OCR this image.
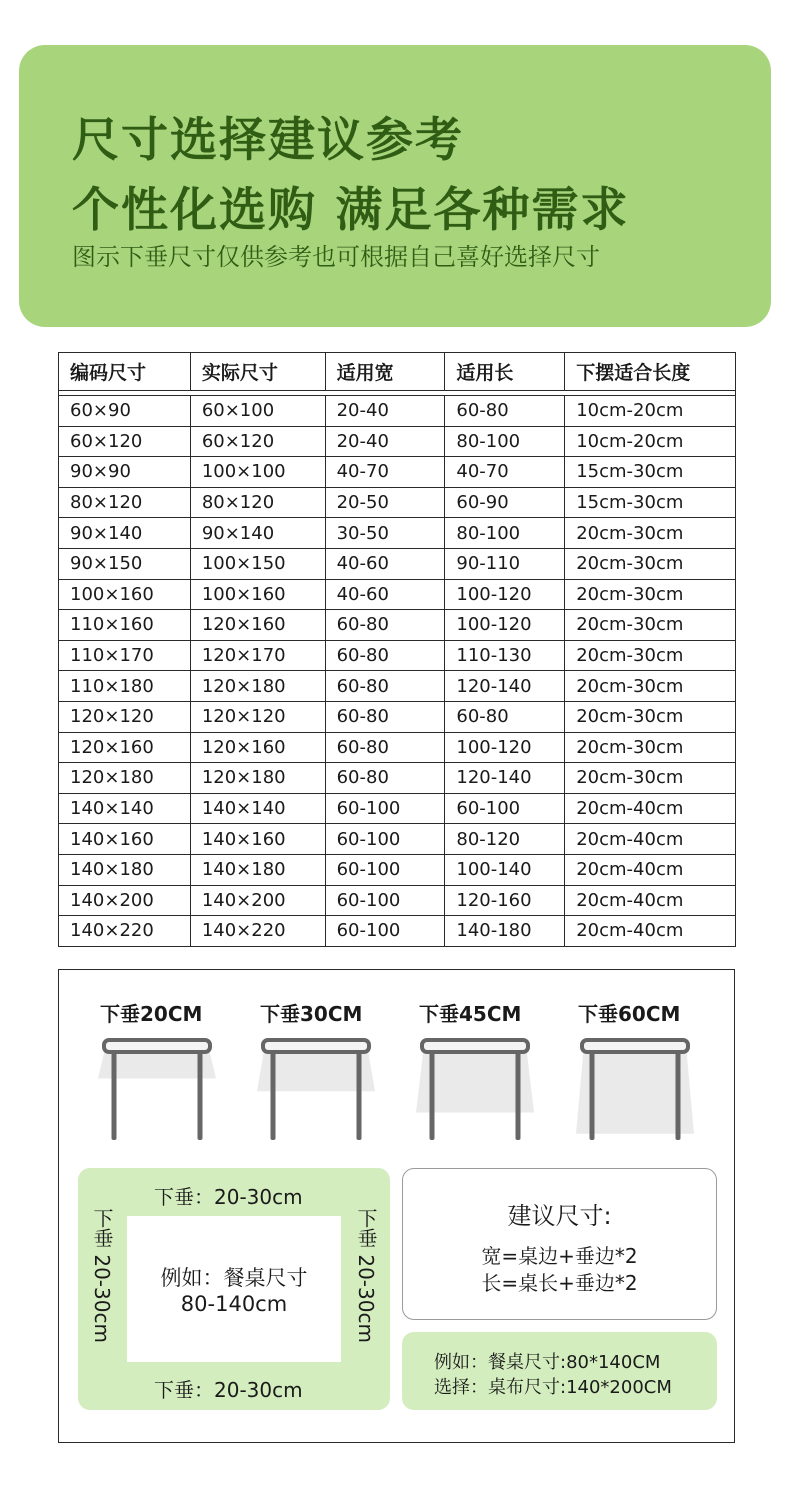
尺寸选择建议参考
个性化选购 满足各种需求
图示下垂尺寸仅供参考也可根据自己喜好选择尺寸
编码尺寸	实际尺寸	适用宽	适用长	下摆适合长度

60×90	60×100	20-40	60-80	10cm-20cm
60×120	60×120	20-40	80-100	10cm-20cm
90×90	100×100	40-70	40-70	15cm-30cm
80×120	80×120	20-50	60-90	15cm-30cm
90×140	90×140	30-50	80-100	20cm-30cm
90×150	100×150	40-60	90-110	20cm-30cm
100×160	100×160	40-60	100-120	20cm-30cm
110×160	120×160	60-80	100-120	20cm-30cm
110×170	120×170	60-80	110-130	20cm-30cm
110×180	120×180	60-80	120-140	20cm-30cm
120×120	120×120	60-80	60-80	20cm-30cm
120×160	120×160	60-80	100-120	20cm-30cm
120×180	120×180	60-80	120-140	20cm-30cm
140×140	140×140	60-100	60-100	20cm-40cm
140×160	140×160	60-100	80-120	20cm-40cm
140×180	140×180	60-100	100-140	20cm-40cm
140×200	140×200	60-100	120-160	20cm-40cm
140×220	140×220	60-100	140-180	20cm-40cm
下垂20CM	下垂30CM	下垂45CM	下垂60CM
下垂：20-30cm
下垂：20-30cm
下垂 20-30cm	下垂 20-30cm
例如：餐桌尺寸
80-140cm
建议尺寸:
宽=桌边+垂边*2
长=桌长+垂边*2
例如：餐桌尺寸:80*140CM
选择：桌布尺寸:140*200CM
